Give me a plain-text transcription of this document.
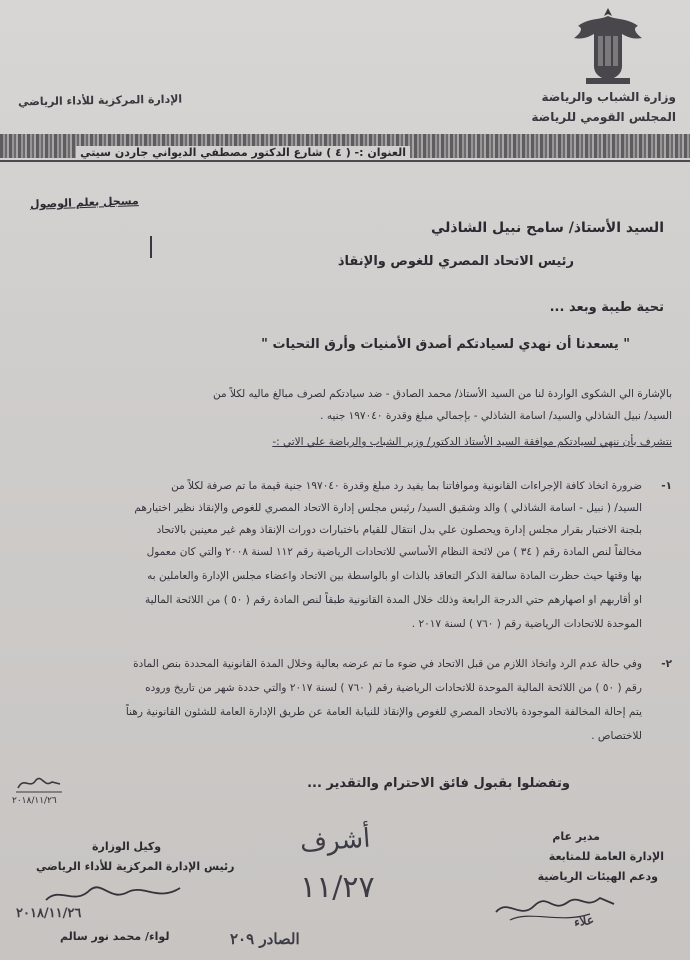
وزارة الشباب والرياضة
المجلس القومي للرياضة
الإدارة المركزية للأداء الرياضي
العنوان :- ( ٤ ) شارع الدكتور مصطفي الديواني جاردن سيتي
مسجل بعلم الوصول
السيد الأستاذ/ سامح نبيل الشاذلي
رئيس الاتحاد المصري للغوص والإنقاذ
تحية طيبة وبعد ...
" يسعدنا أن نهدي لسيادتكم أصدق الأمنيات وأرق التحيات "
بالإشارة الي الشكوى الواردة لنا من السيد الأستاذ/ محمد الصادق - ضد سيادتكم لصرف مبالغ ماليه لكلاً من
السيد/ نبيل الشاذلي والسيد/ اسامة الشاذلي - بإجمالي مبلغ وقدرة ١٩٧٠٤٠ جنيه .
نتشرف بأن ننهي لسيادتكم موافقة السيد الأستاذ الدكتور/ وزير الشباب والرياضة علي الاتي :-
١-
ضرورة اتخاذ كافة الإجراءات القانونية وموافاتنا بما يفيد رد مبلغ وقدرة ١٩٧٠٤٠ جنية قيمة ما تم صرفة لكلاً من
السيد/ ( نبيل - اسامة الشاذلي ) والد وشقيق السيد/ رئيس مجلس إدارة الاتحاد المصري للغوص والإنقاذ نظير اختيارهم
بلجنة الاختبار بقرار مجلس إدارة ويحصلون علي بدل انتقال للقيام باختبارات دورات الإنقاذ وهم غير معينين بالاتحاد
مخالفاً لنص المادة رقم ( ٣٤ ) من لائحة النظام الأساسي للاتحادات الرياضية رقم ١١٢ لسنة ٢٠٠٨ والتي كان معمول
بها وقتها حيث حظرت المادة سالفة الذكر التعاقد بالذات او بالواسطة بين الاتحاد واعضاء مجلس الإدارة والعاملين به
او أقاربهم او اصهارهم حتي الدرجة الرابعة وذلك خلال المدة القانونية طبقاً لنص المادة رقم ( ٥٠ ) من اللائحة المالية
الموحدة للاتحادات الرياضية رقم ( ٧٦٠ ) لسنة ٢٠١٧ .
٢-
وفي حالة عدم الرد واتخاذ اللازم من قبل الاتحاد في ضوء ما تم عرضه بعالية وخلال المدة القانونية المحددة بنص المادة
رقم ( ٥٠ ) من اللائحة المالية الموحدة للاتحادات الرياضية رقم ( ٧٦٠ ) لسنة ٢٠١٧ والتي حددة شهر من تاريخ وروده
يتم إحالة المخالفة الموجودة بالاتحاد المصري للغوص والإنقاذ للنيابة العامة عن طريق الإدارة العامة للشئون القانونية رهناً
للاختصاص .
وتفضلوا بقبول فائق الاحترام والتقدير ...
٢٠١٨/١١/٢٦
مدير عام
الإدارة العامة للمتابعة
ودعم الهيئات الرياضية
علاء
وكيل الوزارة
رئيس الإدارة المركزية للأداء الرياضي
٢٠١٨/١١/٢٦
لواء/ محمد نور سالم
أشرف
١١/٢٧
الصادر ٢٠٩
